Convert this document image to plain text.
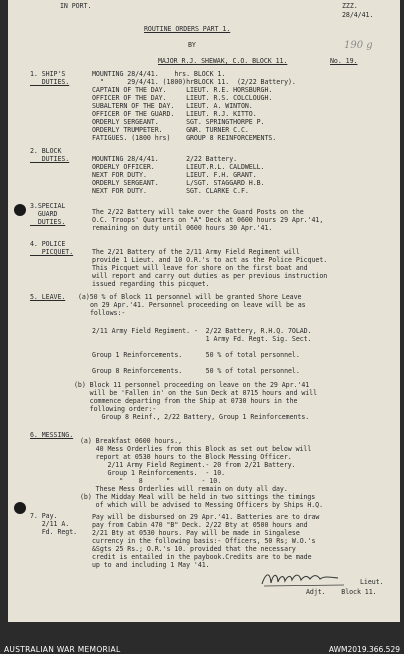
IN PORT.	ZZZ.
28/4/41.
ROUTINE ORDERS PART 1.
BY
MAJOR R.J. SHEWAK, C.O. BLOCK 11.	No. 19.
190 g
1. SHIP'S
DUTIES.
MOUNTING 28/4/41.    hrs. BLOCK 1.
"      29/4/41. (1800)hrBLOCK 11.  (2/22 Battery).
CAPTAIN OF THE DAY.     LIEUT. R.E. HORSBURGH.
OFFICER OF THE DAY.     LIEUT. R.S. COLCLOUGH.
SUBALTERN OF THE DAY.   LIEUT. A. WINTON.
OFFICER OF THE GUARD.   LIEUT. R.J. KITTO.
ORDERLY SERGEANT.       SGT. SPRINGTHORPE P.
ORDERLY TRUMPETER.      GNR. TURNER C.C.
FATIGUES. (1800 hrs)    GROUP 8 REINFORCEMENTS.
2. BLOCK
DUTIES.	MOUNTING 28/4/41.       2/22 Battery.
ORDERLY OFFICER.        LIEUT.R.L. CALDWELL.
NEXT FOR DUTY.          LIEUT. F.H. GRANT.
ORDERLY SERGEANT.       L/SGT. STAGGARD H.B.
NEXT FOR DUTY.          SGT. CLARKE C.F.
3.SPECIAL
GUARD
DUTIES.
The 2/22 Battery will take over the Guard Posts on the
O.C. Troops' Quarters on "A" Deck at 0600 hours 29 Apr.'41,
remaining on duty until 0600 hours 30 Apr.'41.
4. POLICE
PICQUET.	The 2/21 Battery of the 2/11 Army Field Regiment will
provide 1 Lieut. and 10 O.R.'s to act as the Police Picquet.
This Picquet will leave for shore on the first boat and
will report and carry out duties as per previous instruction
issued regarding this picquet.
5. LEAVE. (a)50 % of Block 11 personnel will be granted Shore Leave
on 29 Apr.'41. Personnel proceeding on leave will be as
follows:-
2/11 Army Field Regiment. -  2/22 Battery, R.H.Q. 7OLAD.
1 Army Fd. Regt. Sig. Sect.
Group 1 Reinforcements.      50 % of total personnel.
Group 8 Reinforcements.      50 % of total personnel.
(b) Block 11 personnel proceeding on leave on the 29 Apr.'41
will be 'Fallen in' on the Sun Deck at 0715 hours and will
commence departing from the Ship at 0730 hours in the
following order:-
Group 8 Reinf., 2/22 Battery, Group 1 Reinforcements.
6. MESSING.
(a) Breakfast 0600 hours.,
40 Mess Orderlies from this Block as set out below will
report at 0530 hours to the Block Messing Officer.
2/11 Army Field Regiment.- 20 from 2/21 Battery.
Group 1 Reinforcements.  - 10.
"    8      "        - 10.
These Mess Orderlies will remain on duty all day.
(b) The Midday Meal will be held in two sittings the timings
of which will be advised to Messing Officers by Ships H.Q.
7. Pay.
2/11 A.
Fd. Regt.
Pay will be disbursed on 29 Apr.'41. Batteries are to draw
pay from Cabin 470 "B" Deck. 2/22 Bty at 0500 hours and
2/21 Bty at 0530 hours. Pay will be made in Singalese
currency in the following basis:- Officers, 50 Rs; W.O.'s
&Sgts 25 Rs.; O.R.'s 10. provided that the necessary
credit is entailed in the paybook.Credits are to be made
up to and including 1 May '41.
Lieut.
Adjt.    Block 11.
AUSTRALIAN WAR MEMORIAL	AWM2019.366.529
